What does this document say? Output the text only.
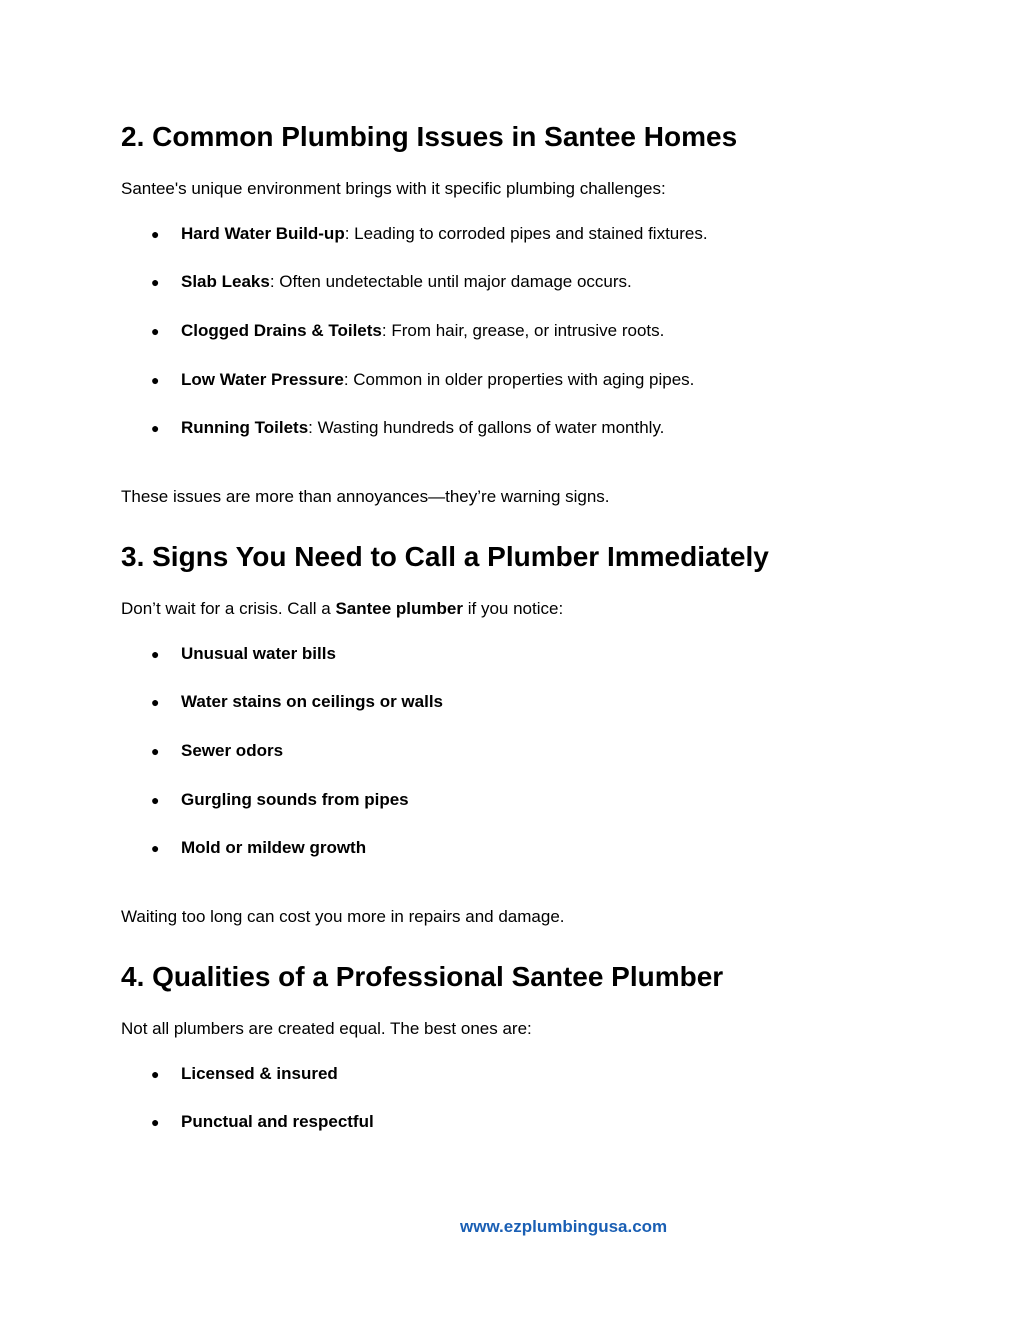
2. Common Plumbing Issues in Santee Homes

Santee's unique environment brings with it specific plumbing challenges:

● Hard Water Build-up: Leading to corroded pipes and stained fixtures.
● Slab Leaks: Often undetectable until major damage occurs.
● Clogged Drains & Toilets: From hair, grease, or intrusive roots.
● Low Water Pressure: Common in older properties with aging pipes.
● Running Toilets: Wasting hundreds of gallons of water monthly.

These issues are more than annoyances—they’re warning signs.

3. Signs You Need to Call a Plumber Immediately

Don’t wait for a crisis. Call a Santee plumber if you notice:

● Unusual water bills
● Water stains on ceilings or walls
● Sewer odors
● Gurgling sounds from pipes
● Mold or mildew growth

Waiting too long can cost you more in repairs and damage.

4. Qualities of a Professional Santee Plumber

Not all plumbers are created equal. The best ones are:

● Licensed & insured
● Punctual and respectful
www.ezplumbingusa.com
